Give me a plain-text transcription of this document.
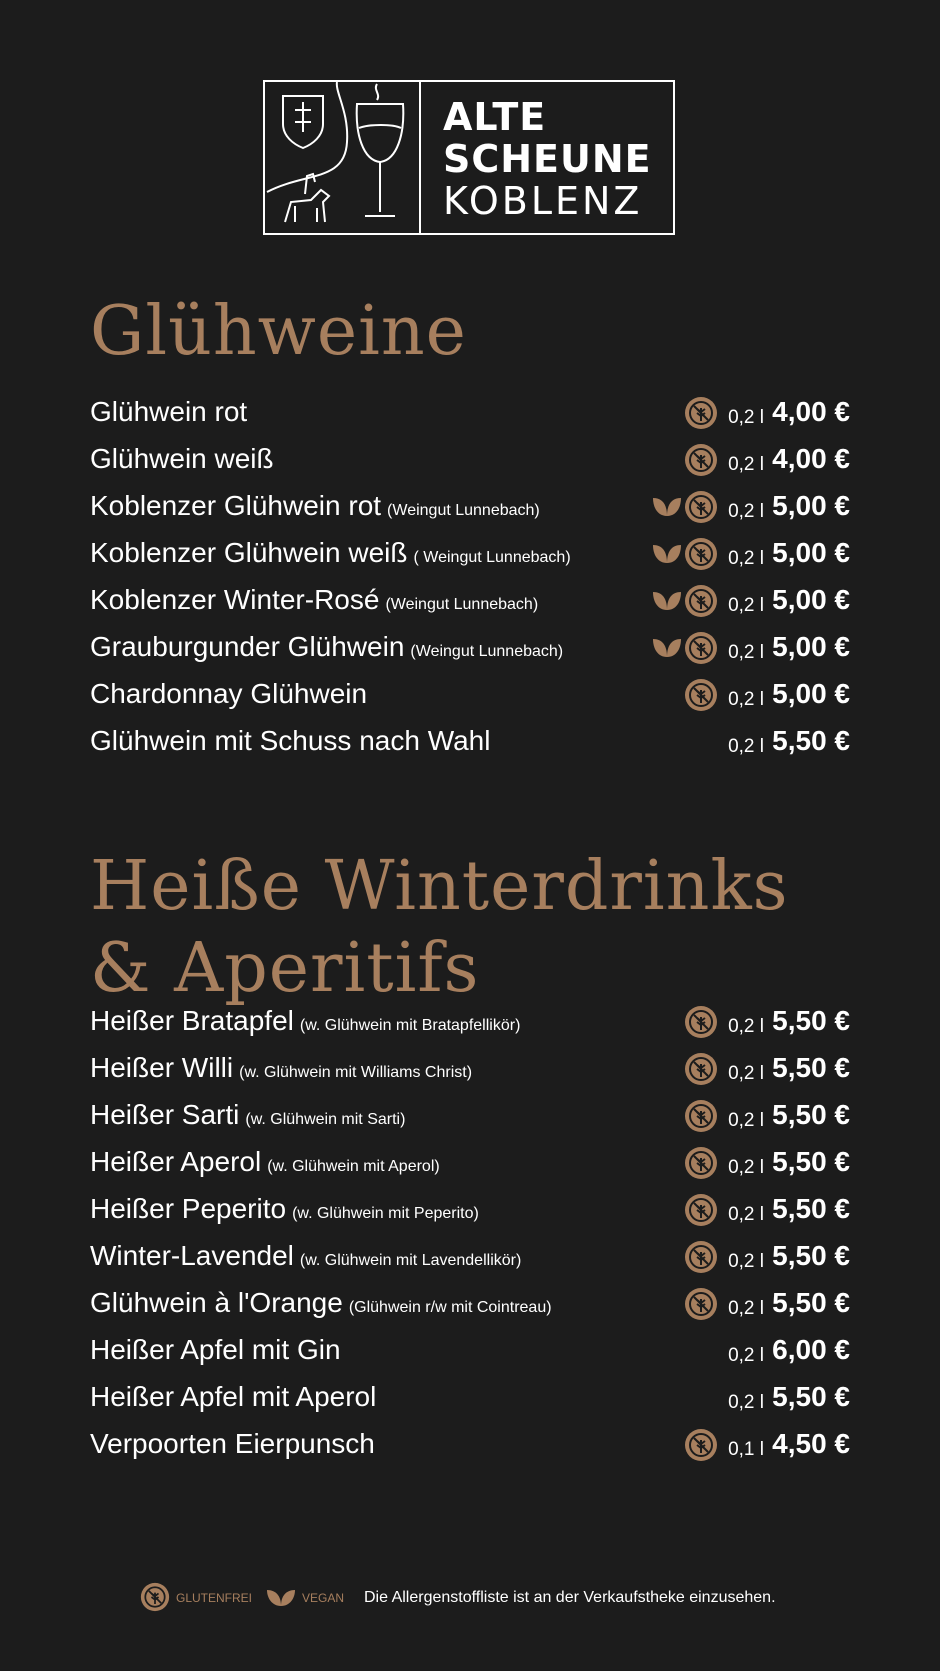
ALTE
SCHEUNE
KOBLENZ
Glühweine
Glühwein rot	0,2 l 4,00 €
Glühwein weiß	0,2 l 4,00 €
Koblenzer Glühwein rot (Weingut Lunnebach)	0,2 l 5,00 €
Koblenzer Glühwein weiß ( Weingut Lunnebach)	0,2 l 5,00 €
Koblenzer Winter-Rosé (Weingut Lunnebach)	0,2 l 5,00 €
Grauburgunder Glühwein (Weingut Lunnebach)	0,2 l 5,00 €
Chardonnay Glühwein	0,2 l 5,00 €
Glühwein mit Schuss nach Wahl	0,2 l 5,50 €
Heiße Winterdrinks
& Aperitifs
Heißer Bratapfel (w. Glühwein mit Bratapfellikör)	0,2 l 5,50 €
Heißer Willi (w. Glühwein mit Williams Christ)	0,2 l 5,50 €
Heißer Sarti (w. Glühwein mit Sarti)	0,2 l 5,50 €
Heißer Aperol (w. Glühwein mit Aperol)	0,2 l 5,50 €
Heißer Peperito (w. Glühwein mit Peperito)	0,2 l 5,50 €
Winter-Lavendel (w. Glühwein mit Lavendellikör)	0,2 l 5,50 €
Glühwein à l'Orange (Glühwein r/w mit Cointreau)	0,2 l 5,50 €
Heißer Apfel mit Gin	0,2 l 6,00 €
Heißer Apfel mit Aperol	0,2 l 5,50 €
Verpoorten Eierpunsch	0,1 l 4,50 €
GLUTENFREI	VEGAN Die Allergenstoffliste ist an der Verkaufstheke einzusehen.
